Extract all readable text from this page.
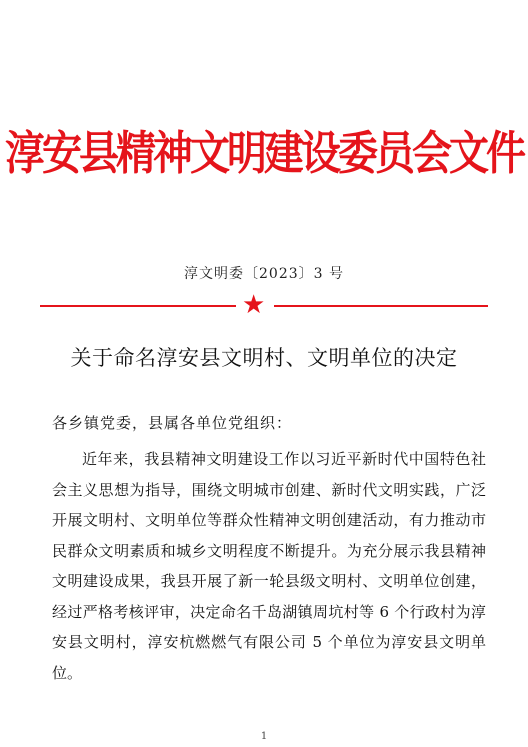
淳安县精神文明建设委员会文件
淳文明委〔2023〕3 号
★
关于命名淳安县文明村、文明单位的决定
各乡镇党委，县属各单位党组织：

近年来，我县精神文明建设工作以习近平新时代中国特色社会主义思想为指导，围绕文明城市创建、新时代文明实践，广泛开展文明村、文明单位等群众性精神文明创建活动，有力推动市民群众文明素质和城乡文明程度不断提升。为充分展示我县精神文明建设成果，我县开展了新一轮县级文明村、文明单位创建，经过严格考核评审，决定命名千岛湖镇周坑村等 6 个行政村为淳安县文明村，淳安杭燃燃气有限公司 5 个单位为淳安县文明单位。

1
